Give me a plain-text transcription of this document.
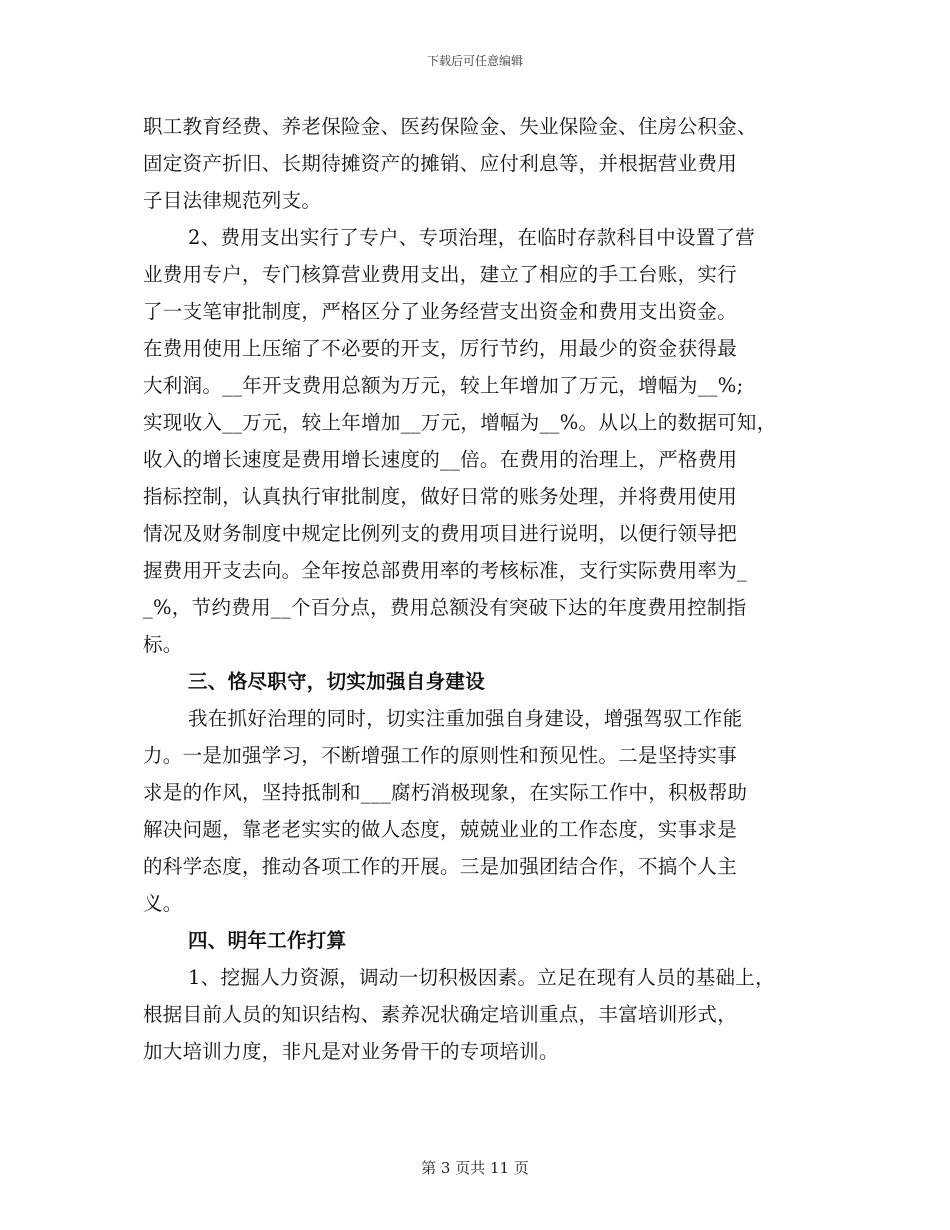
下载后可任意编辑
职工教育经费、养老保险金、医药保险金、失业保险金、住房公积金、
固定资产折旧、长期待摊资产的摊销、应付利息等，并根据营业费用
子目法律规范列支。
2、费用支出实行了专户、专项治理，在临时存款科目中设置了营
业费用专户，专门核算营业费用支出，建立了相应的手工台账，实行
了一支笔审批制度，严格区分了业务经营支出资金和费用支出资金。
在费用使用上压缩了不必要的开支，厉行节约，用最少的资金获得最
大利润。__年开支费用总额为万元，较上年增加了万元，增幅为__%;
实现收入__万元，较上年增加__万元，增幅为__%。从以上的数据可知，
收入的增长速度是费用增长速度的__倍。在费用的治理上，严格费用
指标控制，认真执行审批制度，做好日常的账务处理，并将费用使用
情况及财务制度中规定比例列支的费用项目进行说明，以便行领导把
握费用开支去向。全年按总部费用率的考核标准，支行实际费用率为_
_%，节约费用__个百分点，费用总额没有突破下达的年度费用控制指
标。
三、恪尽职守，切实加强自身建设
我在抓好治理的同时，切实注重加强自身建设，增强驾驭工作能
力。一是加强学习，不断增强工作的原则性和预见性。二是坚持实事
求是的作风，坚持抵制和___腐朽消极现象，在实际工作中，积极帮助
解决问题，靠老老实实的做人态度，兢兢业业的工作态度，实事求是
的科学态度，推动各项工作的开展。三是加强团结合作，不搞个人主
义。
四、明年工作打算
1、挖掘人力资源，调动一切积极因素。立足在现有人员的基础上，
根据目前人员的知识结构、素养况状确定培训重点，丰富培训形式，
加大培训力度，非凡是对业务骨干的专项培训。
第 3 页共 11 页
